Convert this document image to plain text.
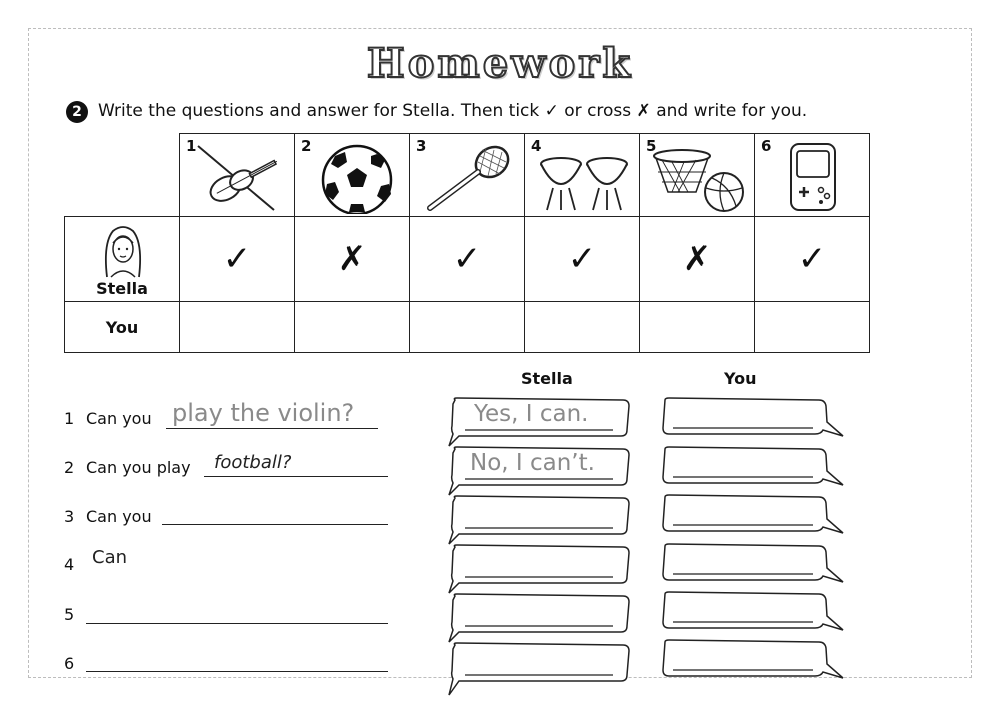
Homework
2 Write the questions and answer for Stella. Then tick ✓ or cross ✗ and write for you.

	1	2	3	4	5	6

Stella	✓	✗	✓	✓	✗	✓
You						
Stella	You
1 Can you play the violin?
2 Can you play football?
3 Can you
4 Can
5
6
Yes, I can.
No, I can’t.
